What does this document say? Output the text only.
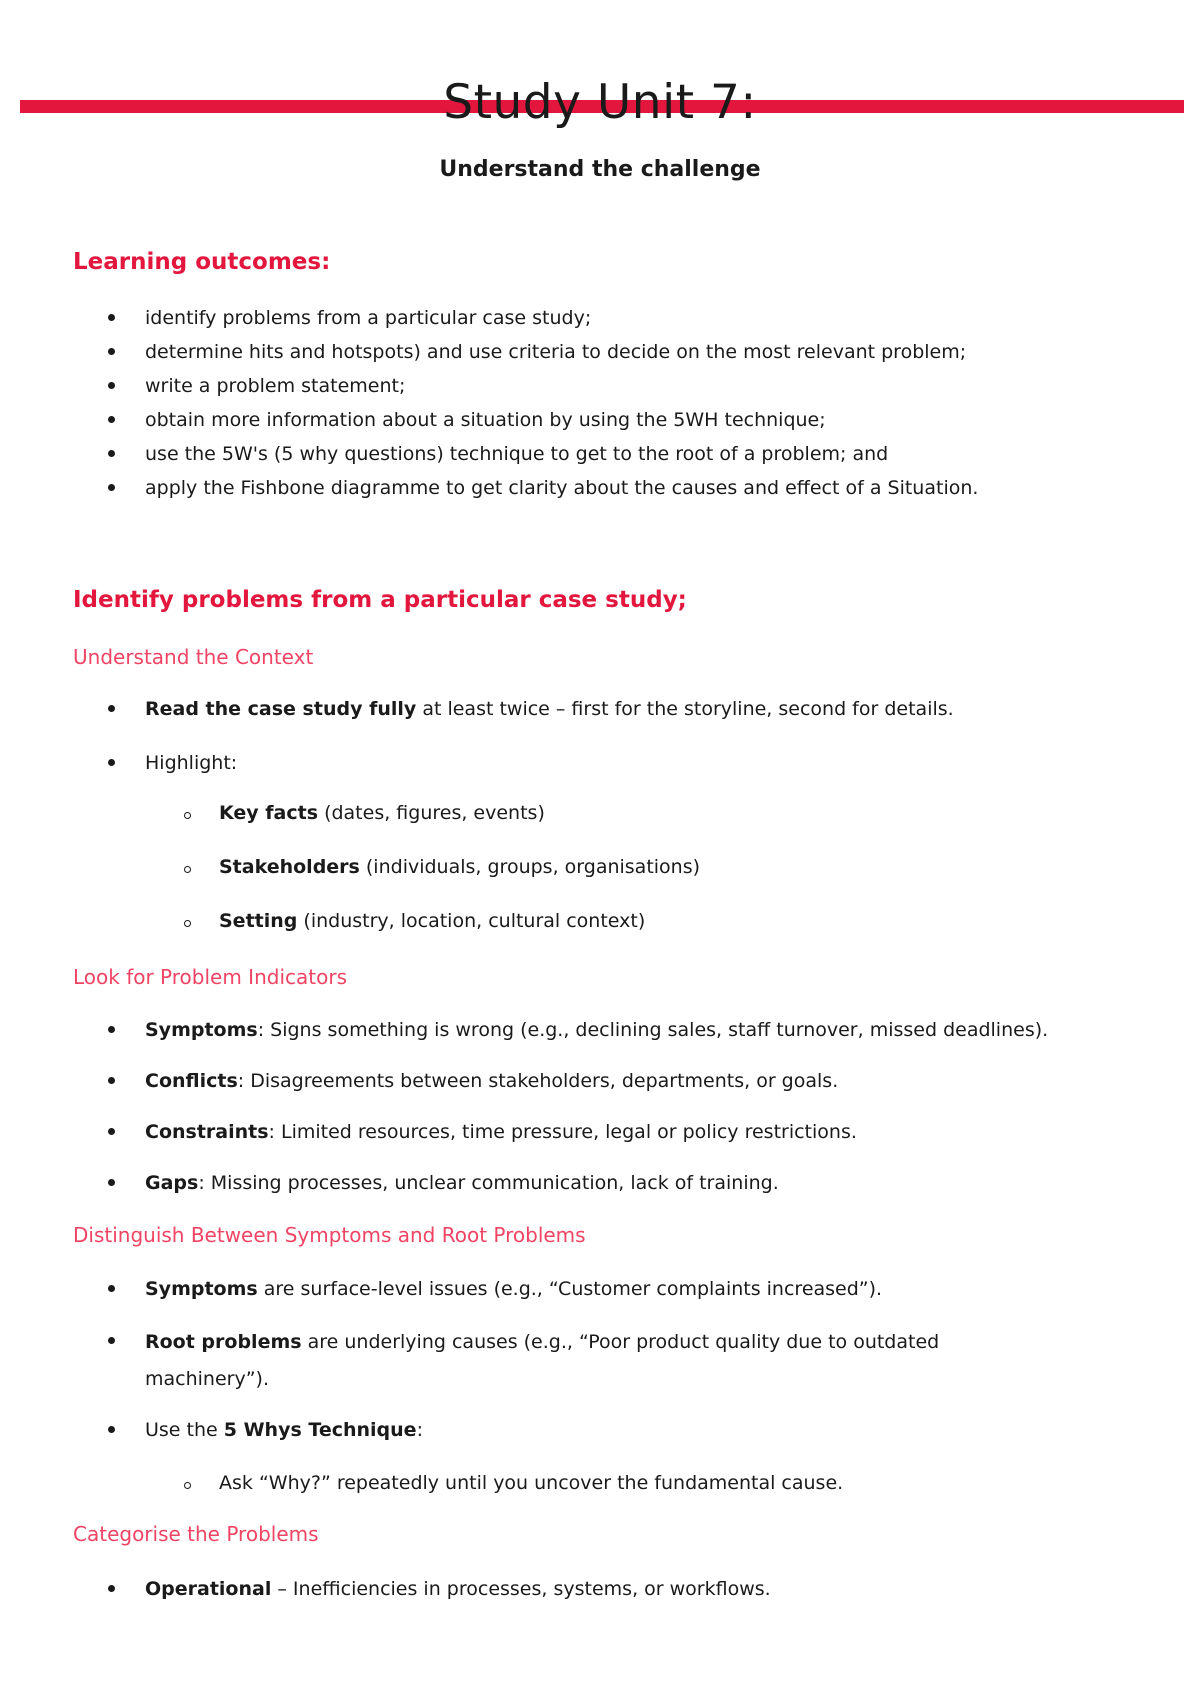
Study Unit 7:
Understand the challenge
Learning outcomes:
identify problems from a particular case study;
determine hits and hotspots) and use criteria to decide on the most relevant problem;
write a problem statement;
obtain more information about a situation by using the 5WH technique;
use the 5W's (5 why questions) technique to get to the root of a problem; and
apply the Fishbone diagramme to get clarity about the causes and effect of a Situation.
Identify problems from a particular case study;
Understand the Context
Read the case study fully at least twice – first for the storyline, second for details.
Highlight:
Key facts (dates, figures, events)
Stakeholders (individuals, groups, organisations)
Setting (industry, location, cultural context)
Look for Problem Indicators
Symptoms: Signs something is wrong (e.g., declining sales, staff turnover, missed deadlines).
Conflicts: Disagreements between stakeholders, departments, or goals.
Constraints: Limited resources, time pressure, legal or policy restrictions.
Gaps: Missing processes, unclear communication, lack of training.
Distinguish Between Symptoms and Root Problems
Symptoms are surface-level issues (e.g., “Customer complaints increased”).
Root problems are underlying causes (e.g., “Poor product quality due to outdated machinery”).
Use the 5 Whys Technique:
Ask “Why?” repeatedly until you uncover the fundamental cause.
Categorise the Problems
Operational – Inefficiencies in processes, systems, or workflows.
